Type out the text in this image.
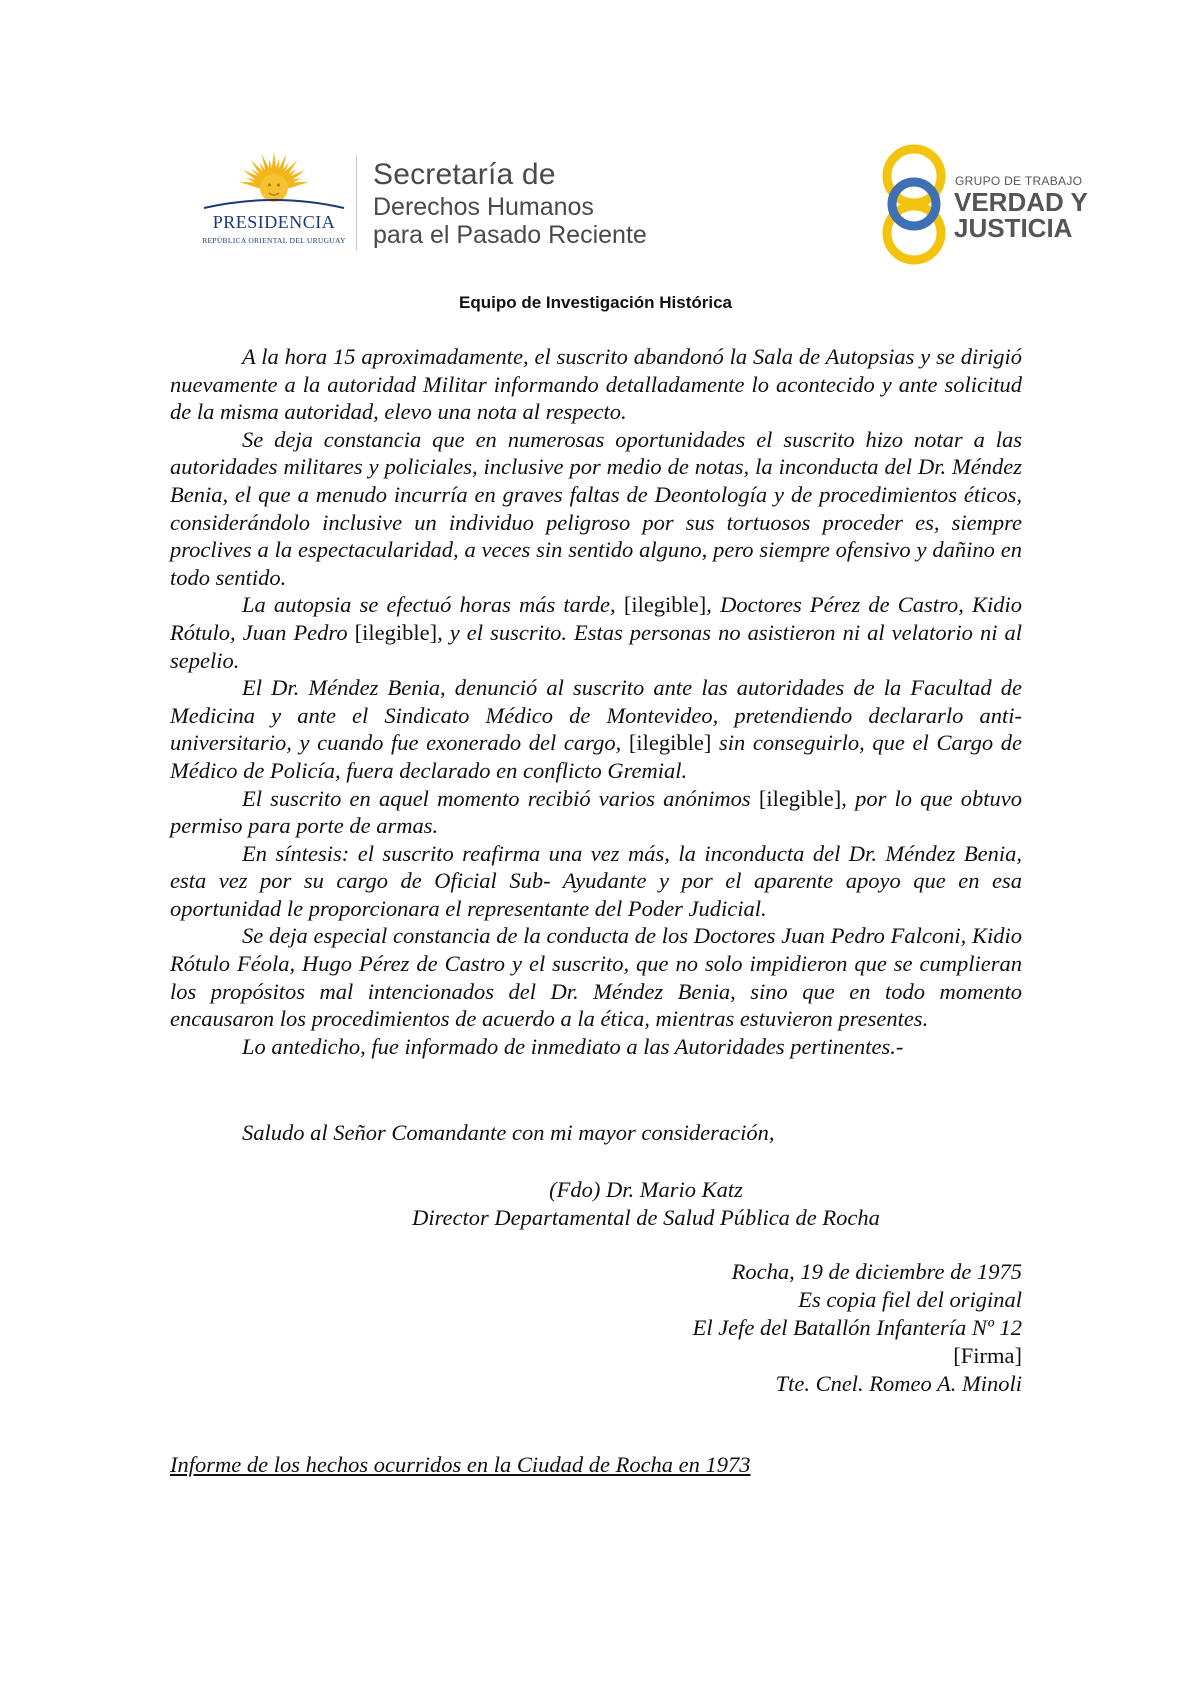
PRESIDENCIA
REPÚBLICA ORIENTAL DEL URUGUAY
Secretaría de
Derechos Humanos
para el Pasado Reciente
GRUPO DE TRABAJO
VERDAD Y
JUSTICIA
Equipo de Investigación Histórica

A la hora 15 aproximadamente, el suscrito abandonó la Sala de Autopsias y se dirigió nuevamente a la autoridad Militar informando detalladamente lo acontecido y ante solicitud de la misma autoridad, elevo una nota al respecto.

Se deja constancia que en numerosas oportunidades el suscrito hizo notar a las autoridades militares y policiales, inclusive por medio de notas, la inconducta del Dr. Méndez Benia, el que a menudo incurría en graves faltas de Deontología y de procedimientos éticos, considerándolo inclusive un individuo peligroso por sus tortuosos proceder es, siempre proclives a la espectacularidad, a veces sin sentido alguno, pero siempre ofensivo y dañino en todo sentido.

La autopsia se efectuó horas más tarde, [ilegible], Doctores Pérez de Castro, Kidio Rótulo, Juan Pedro [ilegible], y el suscrito. Estas personas no asistieron ni al velatorio ni al sepelio.

El Dr. Méndez Benia, denunció al suscrito ante las autoridades de la Facultad de Medicina y ante el Sindicato Médico de Montevideo, pretendiendo declararlo anti-universitario, y cuando fue exonerado del cargo, [ilegible] sin conseguirlo, que el Cargo de Médico de Policía, fuera declarado en conflicto Gremial.

El suscrito en aquel momento recibió varios anónimos [ilegible], por lo que obtuvo permiso para porte de armas.

En síntesis: el suscrito reafirma una vez más, la inconducta del Dr. Méndez Benia, esta vez por su cargo de Oficial Sub- Ayudante y por el aparente apoyo que en esa oportunidad le proporcionara el representante del Poder Judicial.

Se deja especial constancia de la conducta de los Doctores Juan Pedro Falconi, Kidio Rótulo Féola, Hugo Pérez de Castro y el suscrito, que no solo impidieron que se cumplieran los propósitos mal intencionados del Dr. Méndez Benia, sino que en todo momento encausaron los procedimientos de acuerdo a la ética, mientras estuvieron presentes.

Lo antedicho, fue informado de inmediato a las Autoridades pertinentes.-

Saludo al Señor Comandante con mi mayor consideración,
(Fdo) Dr. Mario Katz
Director Departamental de Salud Pública de Rocha
Rocha, 19 de diciembre de 1975
Es copia fiel del original
El Jefe del Batallón Infantería Nº 12
[Firma]
Tte. Cnel. Romeo A. Minoli
Informe de los hechos ocurridos en la Ciudad de Rocha en 1973
